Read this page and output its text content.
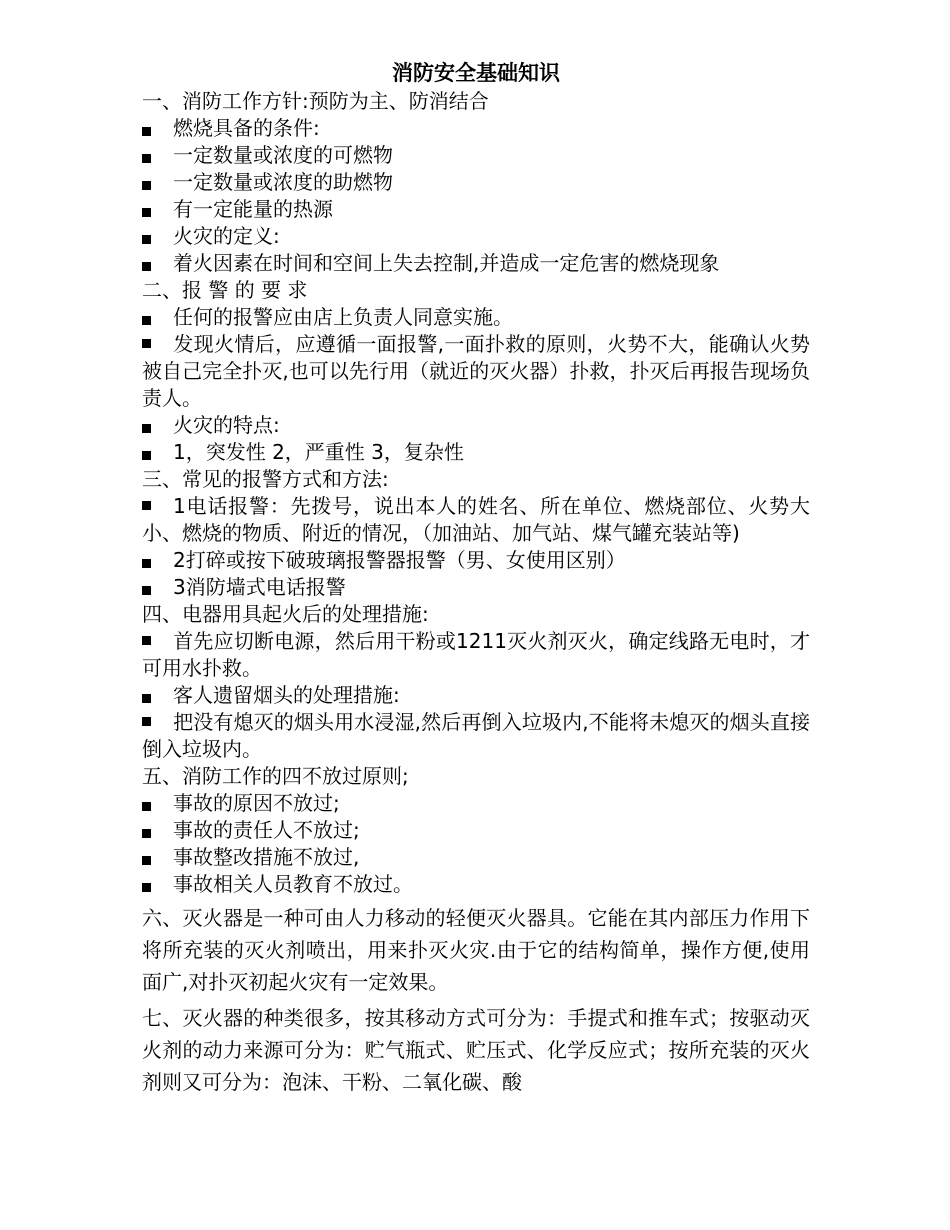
消防安全基础知识
一、消防工作方针:预防为主、防消结合
燃烧具备的条件:
一定数量或浓度的可燃物
一定数量或浓度的助燃物
有一定能量的热源
火灾的定义:
着火因素在时间和空间上失去控制,并造成一定危害的燃烧现象
二、报 警 的 要 求
任何的报警应由店上负责人同意实施。
发现火情后，应遵循一面报警,一面扑救的原则，火势不大，能确认火势被自己完全扑灭,也可以先行用（就近的灭火器）扑救，扑灭后再报告现场负责人。
火灾的特点:
1，突发性 2，严重性 3，复杂性
三、常见的报警方式和方法:
1电话报警：先拨号，说出本人的姓名、所在单位、燃烧部位、火势大小、燃烧的物质、附近的情况，（加油站、加气站、煤气罐充装站等)
2打碎或按下破玻璃报警器报警（男、女使用区别）
3消防墙式电话报警
四、电器用具起火后的处理措施:
首先应切断电源，然后用干粉或1211灭火剂灭火，确定线路无电时，才可用水扑救。
客人遗留烟头的处理措施:
把没有熄灭的烟头用水浸湿,然后再倒入垃圾内,不能将未熄灭的烟头直接倒入垃圾内。
五、消防工作的四不放过原则;
事故的原因不放过;
事故的责任人不放过;
事故整改措施不放过,
事故相关人员教育不放过。

六、灭火器是一种可由人力移动的轻便灭火器具。它能在其内部压力作用下将所充装的灭火剂喷出，用来扑灭火灾.由于它的结构简单，操作方便,使用面广,对扑灭初起火灾有一定效果。

七、灭火器的种类很多，按其移动方式可分为：手提式和推车式；按驱动灭火剂的动力来源可分为：贮气瓶式、贮压式、化学反应式；按所充装的灭火剂则又可分为：泡沫、干粉、二氧化碳、酸
